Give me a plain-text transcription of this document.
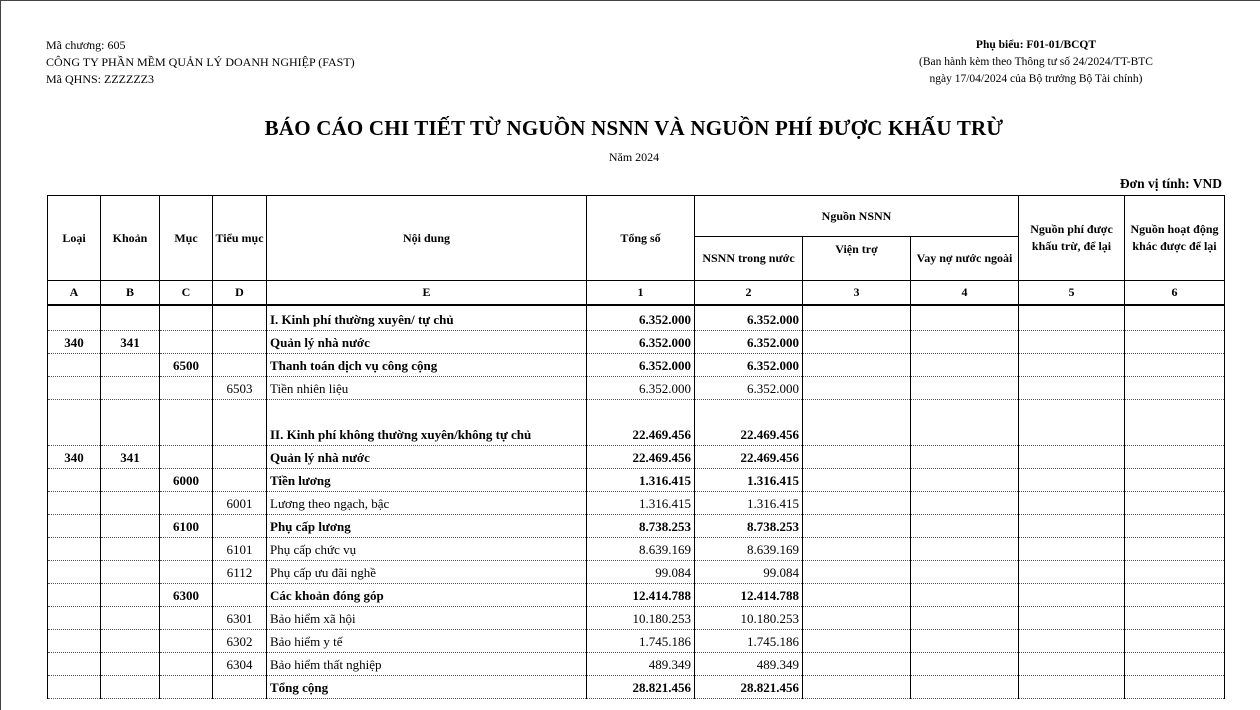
Mã chương: 605
CÔNG TY PHẦN MỀM QUẢN LÝ DOANH NGHIỆP (FAST)
Mã QHNS: ZZZZZZ3
Phụ biểu: F01-01/BCQT
(Ban hành kèm theo Thông tư số 24/2024/TT-BTC
ngày 17/04/2024 của Bộ trưởng Bộ Tài chính)
BÁO CÁO CHI TIẾT TỪ NGUỒN NSNN VÀ NGUỒN PHÍ ĐƯỢC KHẤU TRỪ
Năm 2024
Đơn vị tính: VND
Loại	Khoản	Mục	Tiểu mục	Nội dung	Tổng số	Nguồn NSNN			Nguồn phí được khấu trừ, để lại	Nguồn hoạt động khác được để lại
						NSNN trong nước	Viện trợ	Vay nợ nước ngoài		
A	B	C	D	E	1	2	3	4	5	6

				I. Kinh phí thường xuyên/ tự chủ	6.352.000	6.352.000				
340	341			Quản lý nhà nước	6.352.000	6.352.000				
		6500		Thanh toán dịch vụ công cộng	6.352.000	6.352.000				
			6503	Tiền nhiên liệu	6.352.000	6.352.000				
				II. Kinh phí không thường xuyên/không tự chủ	22.469.456	22.469.456				
340	341			Quản lý nhà nước	22.469.456	22.469.456				
		6000		Tiền lương	1.316.415	1.316.415				
			6001	Lương theo ngạch, bậc	1.316.415	1.316.415				
		6100		Phụ cấp lương	8.738.253	8.738.253				
			6101	Phụ cấp chức vụ	8.639.169	8.639.169				
			6112	Phụ cấp ưu đãi nghề	99.084	99.084				
		6300		Các khoản đóng góp	12.414.788	12.414.788				
			6301	Bảo hiểm xã hội	10.180.253	10.180.253				
			6302	Bảo hiểm y tế	1.745.186	1.745.186				
			6304	Bảo hiểm thất nghiệp	489.349	489.349				
				Tổng cộng	28.821.456	28.821.456				
